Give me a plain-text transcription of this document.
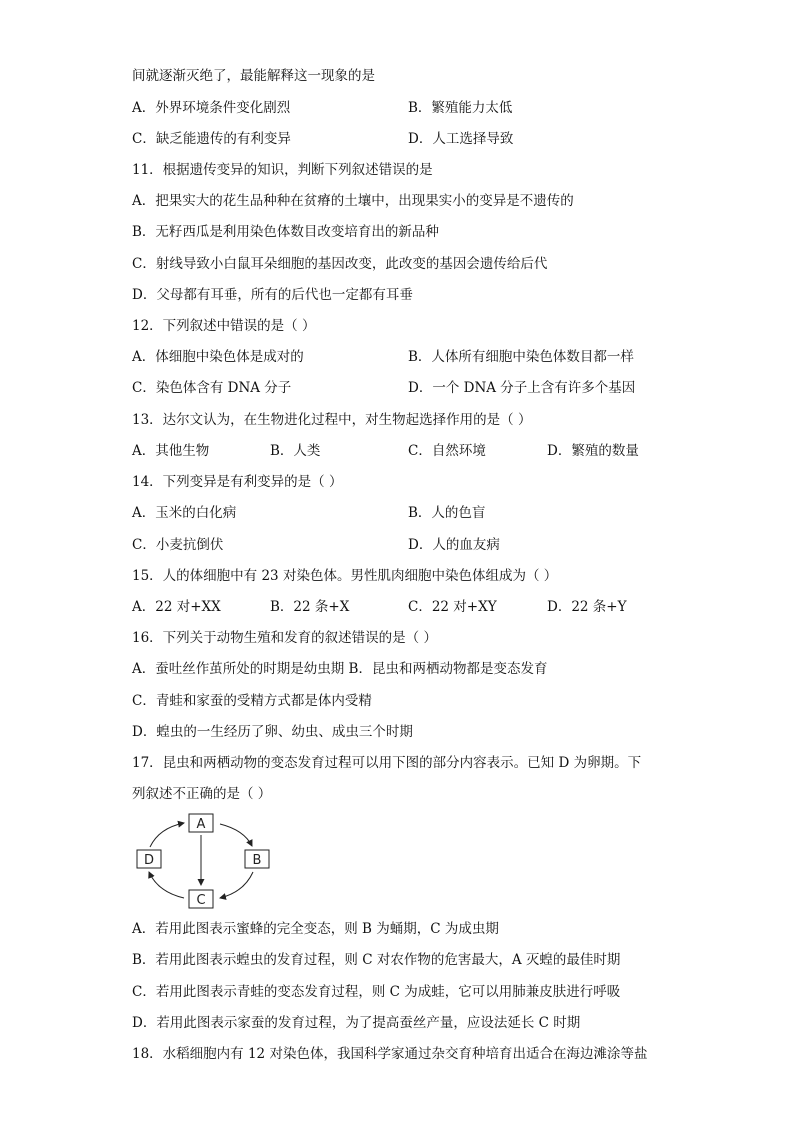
间就逐渐灭绝了，最能解释这一现象的是
A．外界环境条件变化剧烈	B．繁殖能力太低
C．缺乏能遗传的有利变异	D．人工选择导致
11．根据遗传变异的知识，判断下列叙述错误的是
A．把果实大的花生品种种在贫瘠的土壤中，出现果实小的变异是不遗传的
B．无籽西瓜是利用染色体数目改变培育出的新品种
C．射线导致小白鼠耳朵细胞的基因改变，此改变的基因会遗传给后代
D．父母都有耳垂，所有的后代也一定都有耳垂
12．下列叙述中错误的是（ ）
A．体细胞中染色体是成对的	B．人体所有细胞中染色体数目都一样
C．染色体含有 DNA 分子	D．一个 DNA 分子上含有许多个基因
13．达尔文认为，在生物进化过程中，对生物起选择作用的是（ ）
A．其他生物	B．人类	C．自然环境	D．繁殖的数量
14．下列变异是有利变异的是（ ）
A．玉米的白化病	B．人的色盲
C．小麦抗倒伏	D．人的血友病
15．人的体细胞中有 23 对染色体。男性肌肉细胞中染色体组成为（ ）
A．22 对+XX	B．22 条+X	C．22 对+XY	D．22 条+Y
16．下列关于动物生殖和发育的叙述错误的是（ ）
A．蚕吐丝作茧所处的时期是幼虫期 B．昆虫和两栖动物都是变态发育
C．青蛙和家蚕的受精方式都是体内受精
D．蝗虫的一生经历了卵、幼虫、成虫三个时期
17．昆虫和两栖动物的变态发育过程可以用下图的部分内容表示。已知 D 为卵期。下
列叙述不正确的是（ ）
A
B
C
D
A．若用此图表示蜜蜂的完全变态，则 B 为蛹期，C 为成虫期
B．若用此图表示蝗虫的发育过程，则 C 对农作物的危害最大，A 灭蝗的最佳时期
C．若用此图表示青蛙的变态发育过程，则 C 为成蛙，它可以用肺兼皮肤进行呼吸
D．若用此图表示家蚕的发育过程，为了提高蚕丝产量，应设法延长 C 时期
18．水稻细胞内有 12 对染色体，我国科学家通过杂交育种培育出适合在海边滩涂等盐
